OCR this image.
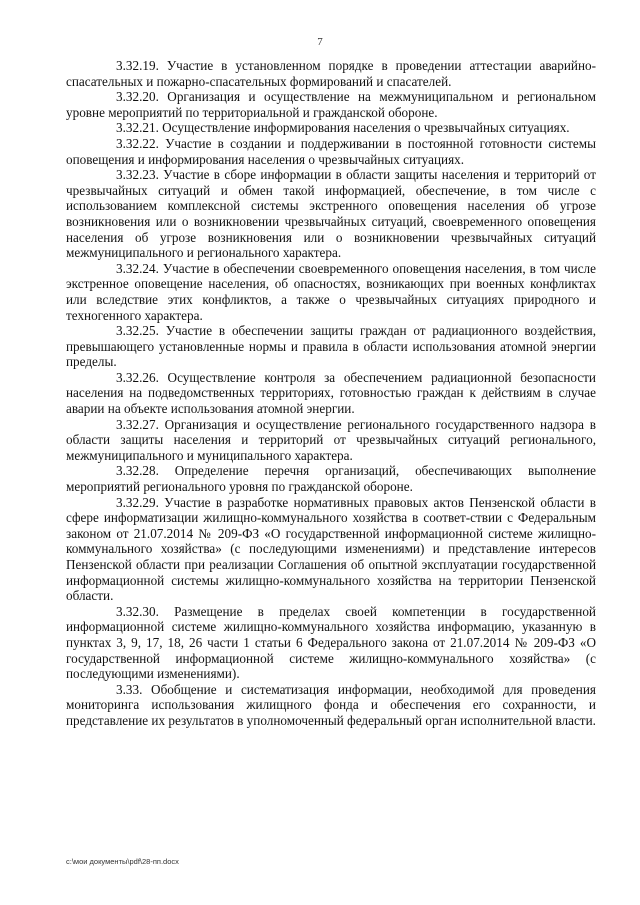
7

3.32.19. Участие в установленном порядке в проведении аттестации аварийно-спасательных и пожарно-спасательных формирований и спасателей.

3.32.20. Организация и осуществление на межмуниципальном и региональном уровне мероприятий по территориальной и гражданской обороне.

3.32.21. Осуществление информирования населения о чрезвычайных ситуациях.

3.32.22. Участие в создании и поддерживании в постоянной готовности системы оповещения и информирования населения о чрезвычайных ситуациях.

3.32.23. Участие в сборе информации в области защиты населения и территорий от чрезвычайных ситуаций и обмен такой информацией, обеспечение, в том числе с использованием комплексной системы экстренного оповещения населения об угрозе возникновения или о возникновении чрезвычайных ситуаций, своевременного оповещения населения об угрозе возникновения или о возникновении чрезвычайных ситуаций межмуниципального и регионального характера.

3.32.24. Участие в обеспечении своевременного оповещения населения, в том числе экстренное оповещение населения, об опасностях, возникающих при военных конфликтах или вследствие этих конфликтов, а также о чрезвычайных ситуациях природного и техногенного характера.

3.32.25. Участие в обеспечении защиты граждан от радиационного воздействия, превышающего установленные нормы и правила в области использования атомной энергии пределы.

3.32.26. Осуществление контроля за обеспечением радиационной безопасности населения на подведомственных территориях, готовностью граждан к действиям в случае аварии на объекте использования атомной энергии.

3.32.27. Организация и осуществление регионального государственного надзора в области защиты населения и территорий от чрезвычайных ситуаций регионального, межмуниципального и муниципального характера.

3.32.28. Определение перечня организаций, обеспечивающих выполнение мероприятий регионального уровня по гражданской обороне.

3.32.29. Участие в разработке нормативных правовых актов Пензенской области в сфере информатизации жилищно-коммунального хозяйства в соответ-ствии с Федеральным законом от 21.07.2014 № 209-ФЗ «О государственной информационной системе жилищно-коммунального хозяйства» (с последующими изменениями) и представление интересов Пензенской области при реализации Соглашения об опытной эксплуатации государственной информационной системы жилищно-коммунального хозяйства на территории Пензенской области.

3.32.30. Размещение в пределах своей компетенции в государственной информационной системе жилищно-коммунального хозяйства информацию, указанную в пунктах 3, 9, 17, 18, 26 части 1 статьи 6 Федерального закона от 21.07.2014 № 209-ФЗ «О государственной информационной системе жилищно-коммунального хозяйства» (с последующими изменениями).

3.33. Обобщение и систематизация информации, необходимой для проведения мониторинга использования жилищного фонда и обеспечения его сохранности, и представление их результатов в уполномоченный федеральный орган исполнительной власти.

c:\мои документы\pdf\28-пп.docx
